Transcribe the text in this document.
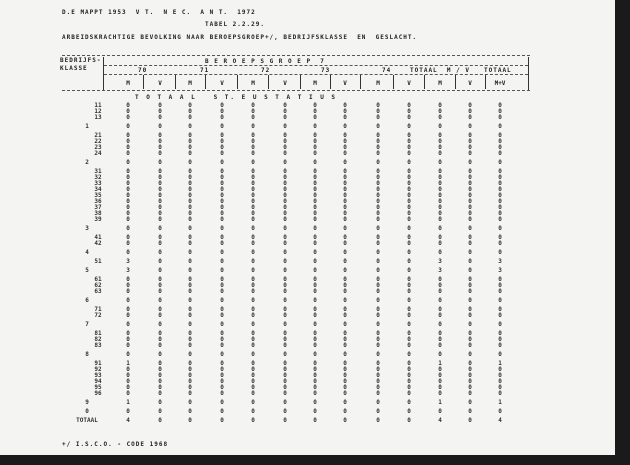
D.E MAPPT 1953  V T.  N E C.  A N T.  1972
TABEL 2.2.29.
ARBEIDSKRACHTIGE BEVOLKING NAAR BEROEPSGROEP+/, BEDRIJFSKLASSE  EN  GESLACHT.
BEDRIJFS-
KLASSE
B E R O E P S G R O E P  7
70	71	72	73	74	TOTAAL  M / V TOTAAL
M	V	M	V	M	V	M	V	M	V	M	V	M+V
T O T A A L   S T. E U S T A T I U S
11	0	0	0	0	0	0	0	0	0	0	0	0	0
12	0	0	0	0	0	0	0	0	0	0	0	0	0
13	0	0	0	0	0	0	0	0	0	0	0	0	0
1	0	0	0	0	0	0	0	0	0	0	0	0	0
21	0	0	0	0	0	0	0	0	0	0	0	0	0
22	0	0	0	0	0	0	0	0	0	0	0	0	0
23	0	0	0	0	0	0	0	0	0	0	0	0	0
24	0	0	0	0	0	0	0	0	0	0	0	0	0
2	0	0	0	0	0	0	0	0	0	0	0	0	0
31	0	0	0	0	0	0	0	0	0	0	0	0	0
32	0	0	0	0	0	0	0	0	0	0	0	0	0
33	0	0	0	0	0	0	0	0	0	0	0	0	0
34	0	0	0	0	0	0	0	0	0	0	0	0	0
35	0	0	0	0	0	0	0	0	0	0	0	0	0
36	0	0	0	0	0	0	0	0	0	0	0	0	0
37	0	0	0	0	0	0	0	0	0	0	0	0	0
38	0	0	0	0	0	0	0	0	0	0	0	0	0
39	0	0	0	0	0	0	0	0	0	0	0	0	0
3	0	0	0	0	0	0	0	0	0	0	0	0	0
41	0	0	0	0	0	0	0	0	0	0	0	0	0
42	0	0	0	0	0	0	0	0	0	0	0	0	0
4	0	0	0	0	0	0	0	0	0	0	0	0	0
51	3	0	0	0	0	0	0	0	0	0	3	0	3
5	3	0	0	0	0	0	0	0	0	0	3	0	3
61	0	0	0	0	0	0	0	0	0	0	0	0	0
62	0	0	0	0	0	0	0	0	0	0	0	0	0
63	0	0	0	0	0	0	0	0	0	0	0	0	0
6	0	0	0	0	0	0	0	0	0	0	0	0	0
71	0	0	0	0	0	0	0	0	0	0	0	0	0
72	0	0	0	0	0	0	0	0	0	0	0	0	0
7	0	0	0	0	0	0	0	0	0	0	0	0	0
81	0	0	0	0	0	0	0	0	0	0	0	0	0
82	0	0	0	0	0	0	0	0	0	0	0	0	0
83	0	0	0	0	0	0	0	0	0	0	0	0	0
8	0	0	0	0	0	0	0	0	0	0	0	0	0
91	1	0	0	0	0	0	0	0	0	0	1	0	1
92	0	0	0	0	0	0	0	0	0	0	0	0	0
93	0	0	0	0	0	0	0	0	0	0	0	0	0
94	0	0	0	0	0	0	0	0	0	0	0	0	0
95	0	0	0	0	0	0	0	0	0	0	0	0	0
96	0	0	0	0	0	0	0	0	0	0	0	0	0
9	1	0	0	0	0	0	0	0	0	0	1	0	1
0	0	0	0	0	0	0	0	0	0	0	0	0	0
TOTAAL	4	0	0	0	0	0	0	0	0	0	4	0	4
+/ I.S.C.O. - CODE 1968
